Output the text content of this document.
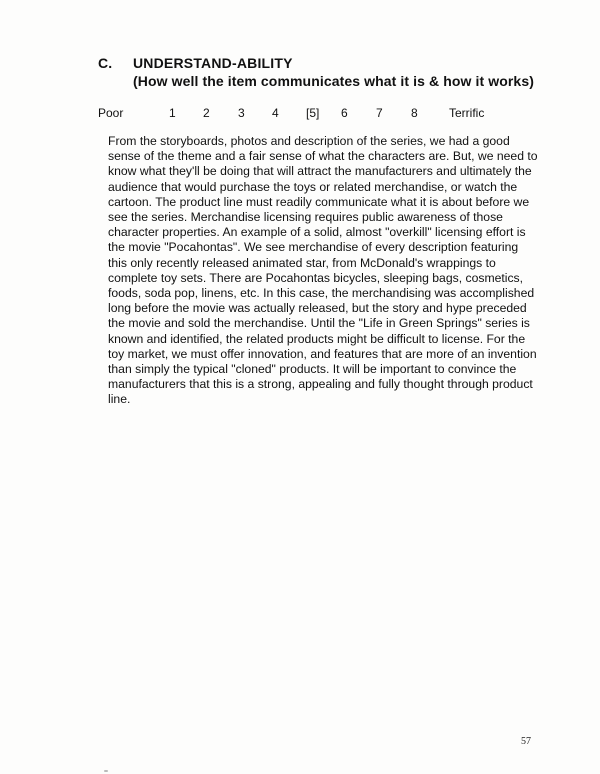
C. UNDERSTAND-ABILITY
(How well the item communicates what it is & how it works)
Poor	1 2 3 4 [5] 6 7 8	Terrific
From the storyboards, photos and description of the series, we had a good
sense of the theme and a fair sense of what the characters are. But, we need to
know what they'll be doing that will attract the manufacturers and ultimately the
audience that would purchase the toys or related merchandise, or watch the
cartoon. The product line must readily communicate what it is about before we
see the series. Merchandise licensing requires public awareness of those
character properties. An example of a solid, almost "overkill" licensing effort is
the movie "Pocahontas". We see merchandise of every description featuring
this only recently released animated star, from McDonald's wrappings to
complete toy sets. There are Pocahontas bicycles, sleeping bags, cosmetics,
foods, soda pop, linens, etc. In this case, the merchandising was accomplished
long before the movie was actually released, but the story and hype preceded
the movie and sold the merchandise. Until the "Life in Green Springs" series is
known and identified, the related products might be difficult to license. For the
toy market, we must offer innovation, and features that are more of an invention
than simply the typical "cloned" products. It will be important to convince the
manufacturers that this is a strong, appealing and fully thought through product
line.
57
